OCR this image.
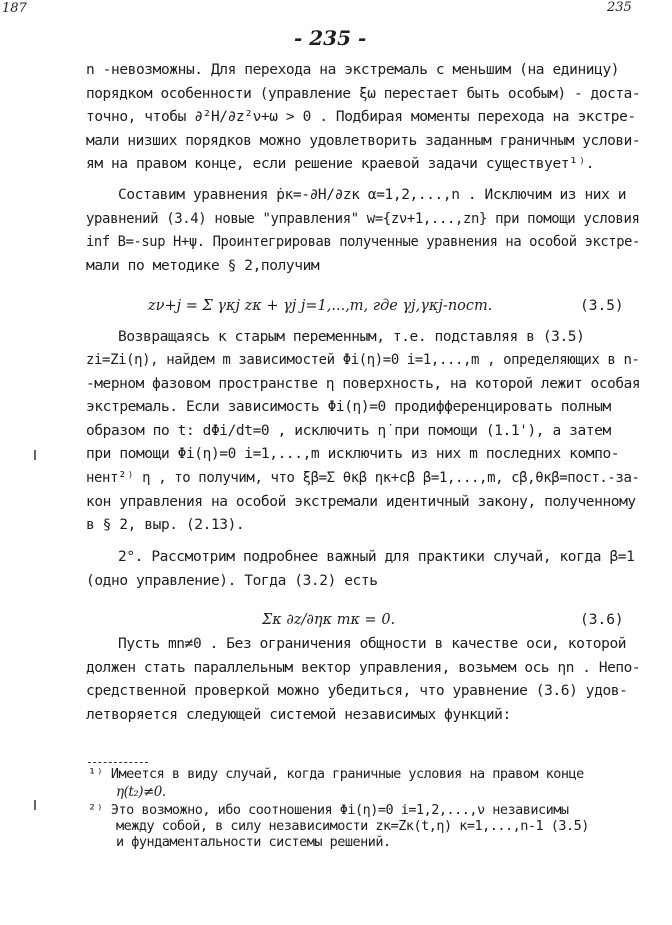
187	235
- 235 -
n -невозможны. Для перехода на экстремаль с меньшим (на единицу)
порядком особенности (управление ξω перестает быть особым) - доста-
точно, чтобы ∂²H/∂z²ν+ω > 0 . Подбирая моменты перехода на экстре-
мали низших порядков можно удовлетворить заданным граничным услови-
ям на правом конце, если решение краевой задачи существует¹⁾.
Составим уравнения ṗκ=-∂H/∂zκ α=1,2,...,n . Исключим из них и
уравнений (3.4) новые "управления" w={zν+1,...,zn} при помощи условия
inf B=-sup H+ψ. Проинтегрировав полученные уравнения на особой экстре-
мали по методике § 2,получим
zν+j = Σ γκj zκ + γj j=1,...,m, где γj,γκj-пост.	(3.5)
Возвращаясь к старым переменным, т.е. подставляя в (3.5)
zi=Zi(η), найдем m зависимостей Φi(η)=0 i=1,...,m , определяющих в n-
-мерном фазовом пространстве η поверхность, на которой лежит особая
экстремаль. Если зависимость Φi(η)=0 продифференцировать полным
образом по t: dΦi/dt=0 , исключить η̇ при помощи (1.1'), а затем
при помощи Φi(η)=0 i=1,...,m исключить из них m последних компо-
нент²⁾ η , то получим, что ξβ=Σ θκβ ηκ+cβ β=1,...,m, cβ,θκβ=пост.-за-
кон управления на особой экстремали идентичный закону, полученному
в § 2, выр. (2.13).
2°. Рассмотрим подробнее важный для практики случай, когда β=1
(одно управление). Тогда (3.2) есть
Σκ ∂z/∂ηκ mκ = 0.	(3.6)
Пусть mn≠0 . Без ограничения общности в качестве оси, которой
должен стать параллельным вектор управления, возьмем ось ηn . Непо-
средственной проверкой можно убедиться, что уравнение (3.6) удов-
летворяется следующей системой независимых функций:
¹⁾ Имеется в виду случай, когда граничные условия на правом конце
η(t₂)≠0.
²⁾ Это возможно, ибо соотношения Φi(η)=0 i=1,2,...,ν независимы
между собой, в силу независимости zκ=Zκ(t,η) κ=1,...,n-1 (3.5)
и фундаментальности системы решений.
